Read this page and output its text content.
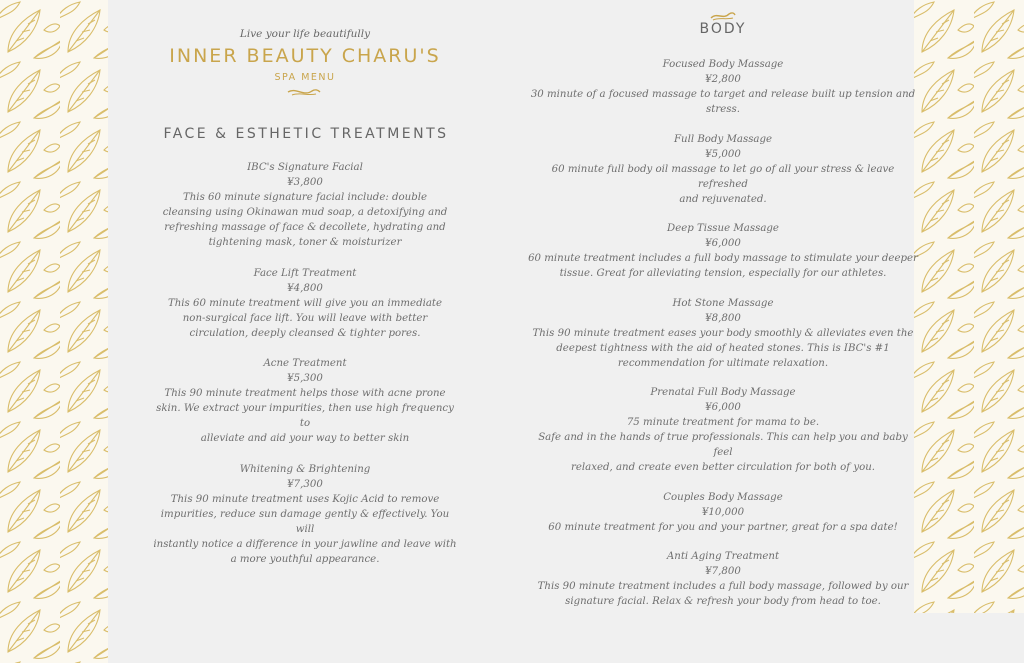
Live your life beautifully
INNER BEAUTY CHARU'S
SPA MENU
FACE & ESTHETIC TREATMENTS
IBC's Signature Facial
¥3,800
This 60 minute signature facial include: double
cleansing using Okinawan mud soap, a detoxifying and
refreshing massage of face & decollete, hydrating and
tightening mask, toner & moisturizer
Face Lift Treatment
¥4,800
This 60 minute treatment will give you an immediate
non-surgical face lift. You will leave with better
circulation, deeply cleansed & tighter pores.
Acne Treatment
¥5,300
This 90 minute treatment helps those with acne prone
skin. We extract your impurities, then use high frequency to
alleviate and aid your way to better skin
Whitening & Brightening
¥7,300
This 90 minute treatment uses Kojic Acid to remove
impurities, reduce sun damage gently & effectively. You will
instantly notice a difference in your jawline and leave with
a more youthful appearance.
BODY
Focused Body Massage
¥2,800
30 minute of a focused massage to target and release built up tension and
stress.
Full Body Massage
¥5,000
60 minute full body oil massage to let go of all your stress & leave refreshed
and rejuvenated.
Deep Tissue Massage
¥6,000
60 minute treatment includes a full body massage to stimulate your deeper
tissue. Great for alleviating tension, especially for our athletes.
Hot Stone Massage
¥8,800
This 90 minute treatment eases your body smoothly & alleviates even the
deepest tightness with the aid of heated stones. This is IBC's #1
recommendation for ultimate relaxation.
Prenatal Full Body Massage
¥6,000
75 minute treatment for mama to be.
Safe and in the hands of true professionals. This can help you and baby feel
relaxed, and create even better circulation for both of you.
Couples Body Massage
¥10,000
60 minute treatment for you and your partner, great for a spa date!
Anti Aging Treatment
¥7,800
This 90 minute treatment includes a full body massage, followed by our
signature facial. Relax & refresh your body from head to toe.
